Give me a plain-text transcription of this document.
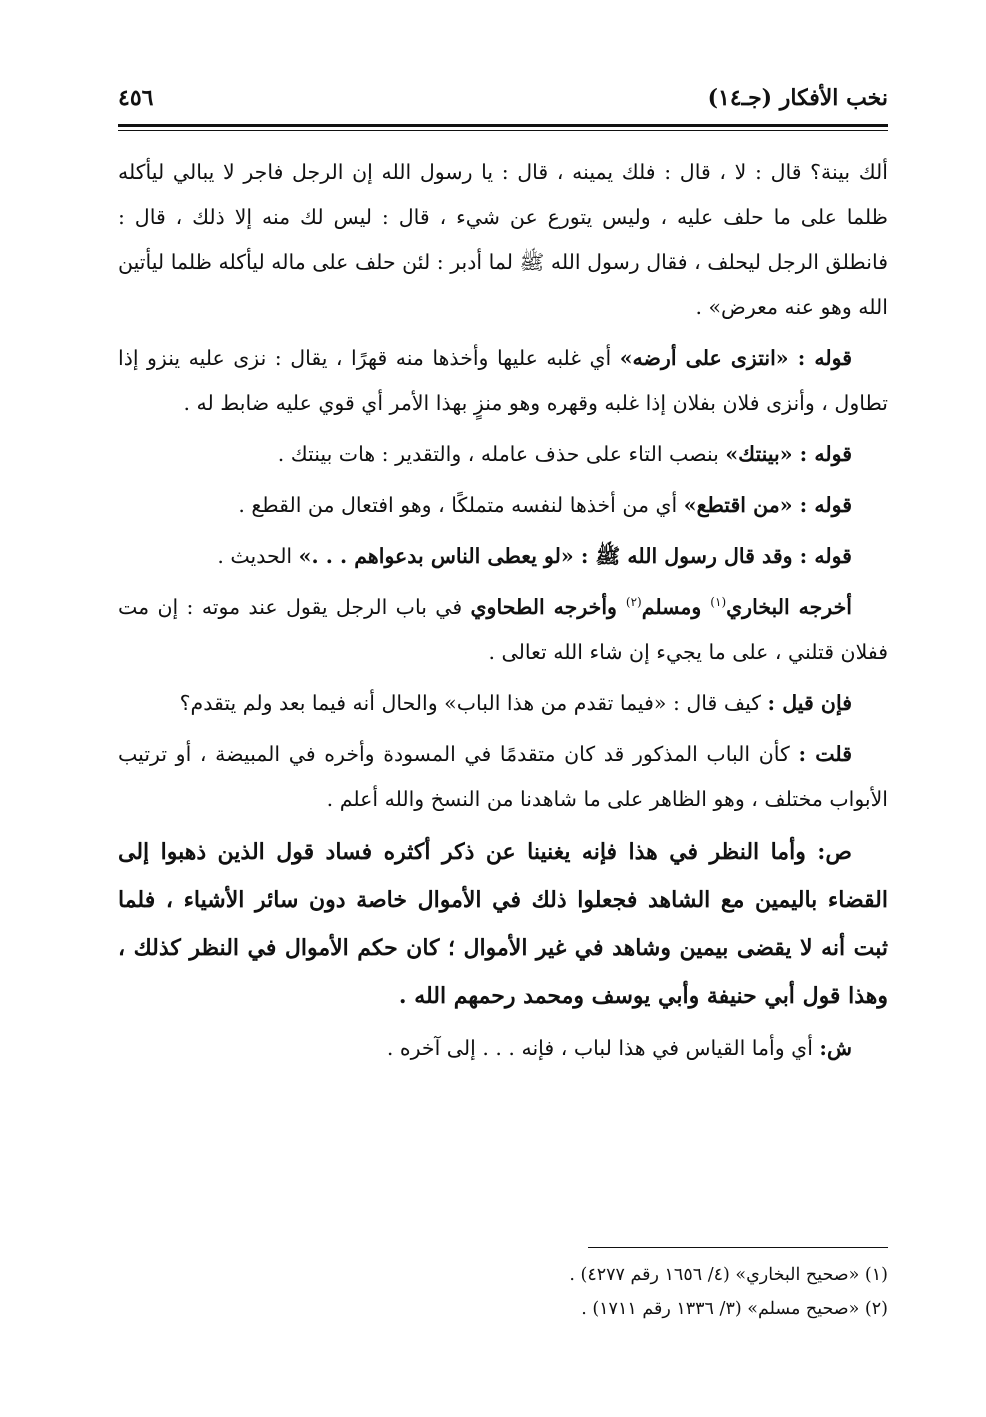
نخب الأفكار (جـ١٤)
٤٥٦

ألك بينة؟ قال : لا ، قال : فلك يمينه ، قال : يا رسول الله إن الرجل فاجر لا يبالي ليأكله ظلما على ما حلف عليه ، وليس يتورع عن شيء ، قال : ليس لك منه إلا ذلك ، قال : فانطلق الرجل ليحلف ، فقال رسول الله ﷺ لما أدبر : لئن حلف على ماله ليأكله ظلما ليأتين الله وهو عنه معرض» .

قوله : «انتزى على أرضه» أي غلبه عليها وأخذها منه قهرًا ، يقال : نزى عليه ينزو إذا تطاول ، وأنزى فلان بفلان إذا غلبه وقهره وهو منزٍ بهذا الأمر أي قوي عليه ضابط له .

قوله : «بينتك» بنصب التاء على حذف عامله ، والتقدير : هات بينتك .

قوله : «من اقتطع» أي من أخذها لنفسه متملكًا ، وهو افتعال من القطع .

قوله : وقد قال رسول الله ﷺ : «لو يعطى الناس بدعواهم . . .» الحديث .

أخرجه البخاري$^{(١)}$ ومسلم$^{(٢)}$ وأخرجه الطحاوي في باب الرجل يقول عند موته : إن مت ففلان قتلني ، على ما يجيء إن شاء الله تعالى .

فإن قيل : كيف قال : «فيما تقدم من هذا الباب» والحال أنه فيما بعد ولم يتقدم؟

قلت : كأن الباب المذكور قد كان متقدمًا في المسودة وأخره في المبيضة ، أو ترتيب الأبواب مختلف ، وهو الظاهر على ما شاهدنا من النسخ والله أعلم .

ص: وأما النظر في هذا فإنه يغنينا عن ذكر أكثره فساد قول الذين ذهبوا إلى القضاء باليمين مع الشاهد فجعلوا ذلك في الأموال خاصة دون سائر الأشياء ، فلما ثبت أنه لا يقضى بيمين وشاهد في غير الأموال ؛ كان حكم الأموال في النظر كذلك ، وهذا قول أبي حنيفة وأبي يوسف ومحمد رحمهم الله .

ش: أي وأما القياس في هذا لباب ، فإنه . . . إلى آخره .

(١) «صحيح البخاري» (٤/ ١٦٥٦ رقم ٤٢٧٧) .

(٢) «صحيح مسلم» (٣/ ١٣٣٦ رقم ١٧١١) .
